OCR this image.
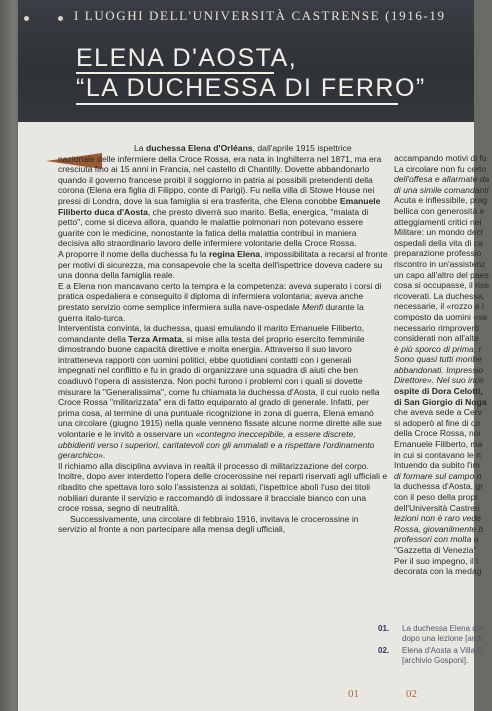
I LUOGHI DELL'UNIVERSITÀ CASTRENSE (1916-19
ELENA D'AOSTA,
“LA DUCHESSA DI FERRO”

La duchessa Elena d'Orléans, dall'aprile 1915 ispettrice nazionale delle infermiere della Croce Rossa, era nata in Inghilterra nel 1871, ma era cresciuta fino ai 15 anni in Francia, nel castello di Chantilly. Dovette abbandonarlo quando il governo francese proibì il soggiorno in patria ai possibili pretendenti della corona (Elena era figlia di Filippo, conte di Parigi). Fu nella villa di Stowe House nei pressi di Londra, dove la sua famiglia si era trasferita, che Elena conobbe Emanuele Filiberto duca d'Aosta, che presto diverrà suo marito. Bella, energica, "malata di petto", come si diceva allora, quando le malattie polmonari non potevano essere guarite con le medicine, nonostante la fatica della malattia contribuì in maniera decisiva allo straordinario lavoro delle infermiere volontarie della Croce Rossa.

A proporre il nome della duchessa fu la regina Elena, impossibilitata a recarsi al fronte per motivi di sicurezza, ma consapevole che la scelta dell'ispettrice doveva cadere su una donna della famiglia reale.

E a Elena non mancavano certo la tempra e la competenza: aveva superato i corsi di pratica ospedaliera e conseguito il diploma di infermiera volontaria; aveva anche prestato servizio come semplice infermiera sulla nave-ospedale Menfi durante la guerra italo-turca.

Interventista convinta, la duchessa, quasi emulando il marito Emanuele Filiberto, comandante della Terza Armata, si mise alla testa del proprio esercito femminile dimostrando buone capacità direttive e molta energia. Attraverso il suo lavoro intratteneva rapporti con uomini politici, ebbe quotidiani contatti con i generali impegnati nel conflitto e fu in grado di organizzare una squadra di aiuti che ben coadiuvò l'opera di assistenza. Non pochi furono i problemi con i quali si dovette misurare la "Generalissima", come fu chiamata la duchessa d'Aosta, il cui ruolo nella Croce Rossa "militarizzata" era di fatto equiparato al grado di generale. Infatti, per prima cosa, al termine di una puntuale ricognizione in zona di guerra, Elena emanò una circolare (giugno 1915) nella quale venneno fissate alcune norme dirette alle sue volontarie e le invitò a osservare un «contegno ineccepibile, a essere discrete, ubbidienti verso i superiori, caritatevoli con gli ammalati e a rispettare l'ordinamento gerarchico».

Il richiamo alla disciplina avviava in realtà il processo di militarizzazione del corpo. Inoltre, dopo aver interdetto l'opera delle crocerossine nei reparti riservati agli ufficiali e ribadito che spettava loro solo l'assistenza ai soldati, l'ispettrice abolì l'uso dei titoli nobiliari durante il servizio e raccomandò di indossare il bracciale bianco con una croce rossa, segno di neutralità.

Successivamente, una circolare di febbraio 1916, invitava le crocerossine in servizio al fronte a non partecipare alla mensa degli ufficiali,

accampando motivi di fu
La circolare non fu certo
dell'offesa e allarmate da
di una simile comandanti
Acuta e inflessibile, prag
bellica con generosità e
atteggiamenti critici nei
Militare: un mondo decl
ospedali della vita di ca
preparazione professio
riscontro in un'assistenz
un capo all'altro del paes
cosa si occupasse, il rise
ricoverati. La duchessa,
necessarie, il «rozzo e i
composto da uomini «se
necessario rimproverò
considerati non all'alte
è più sporco di prima, r
Sono quasi tutti moribe
abbandonati. Impressio
Direttore». Nel suo ince
ospite di Dora Celotti,
di San Giorgio di Noga
che aveva sede a Cerv
si adoperò al fine di co
della Croce Rossa, nor
Emanuele Filiberto, ma
in cui si contavano le n
Intuendo da subito l'im
di formare sul campo n
la duchessa d'Aosta, gr
con il peso della propr
dell'Università Castren
lezioni non è raro vede
Rossa, giovanilmente b
professori con molta a
"Gazzetta di Venezia"
Per il suo impegno, il l
decorata con la medag
01.	La duchessa Elena d'A
dopo una lezione [arch
02.	Elena d'Aosta a Villa C
[archivio Gosponi].
01	02
